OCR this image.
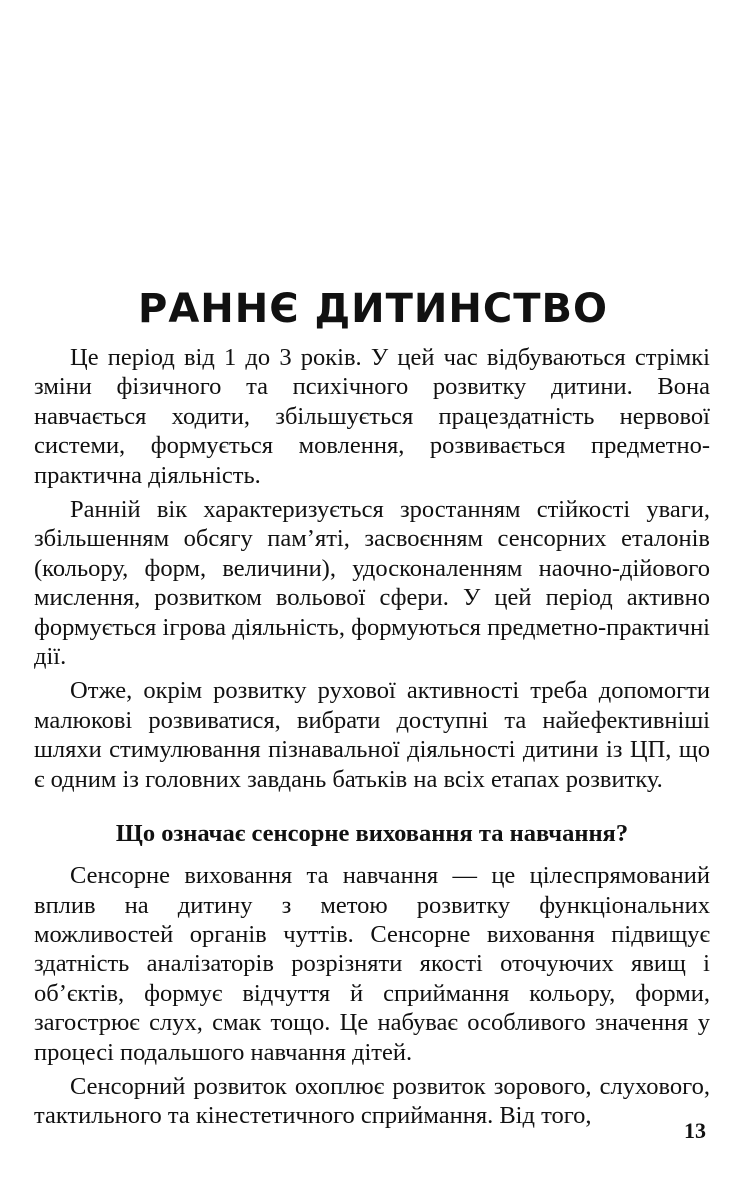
РАННЄ ДИТИНСТВО

Це період від 1 до 3 років. У цей час відбуваються стрімкі зміни фізичного та психічного розвитку дитини. Вона навчається ходити, збільшується працездатність нервової системи, формується мовлення, розвивається предметно-практична діяльність.

Ранній вік характеризується зростанням стійкості уваги, збільшенням обсягу пам’яті, засвоєнням сенсорних еталонів (кольору, форм, величини), удосконаленням наочно-дійового мислення, розвитком вольової сфери. У цей період активно формується ігрова діяльність, формуються предметно-практичні дії.

Отже, окрім розвитку рухової активності треба допомогти малюкові розвиватися, вибрати доступні та найефективніші шляхи стимулювання пізнавальної діяльності дитини із ЦП, що є одним із головних завдань батьків на всіх етапах розвитку.

Що означає сенсорне виховання та навчання?

Сенсорне виховання та навчання — це цілеспрямований вплив на дитину з метою розвитку функціональних можливостей органів чуттів. Сенсорне виховання підвищує здатність аналізаторів розрізняти якості оточуючих явищ і об’єктів, формує відчуття й сприймання кольору, форми, загострює слух, смак тощо. Це набуває особливого значення у процесі подальшого навчання дітей.

Сенсорний розвиток охоплює розвиток зорового, слухового, тактильного та кінестетичного сприймання. Від того,

13
